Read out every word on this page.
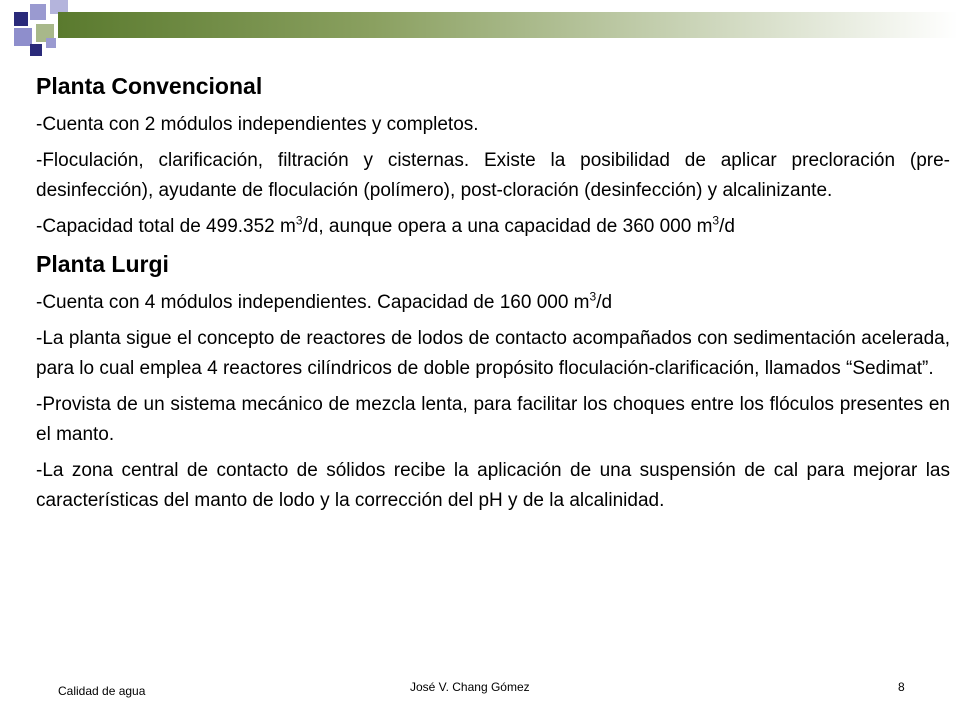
Planta Convencional

-Cuenta con 2 módulos independientes y completos.

-Floculación, clarificación, filtración y cisternas. Existe la posibilidad de aplicar precloración (pre-desinfección), ayudante de floculación (polímero), post-cloración (desinfección) y alcalinizante.

-Capacidad total de 499.352 $m^3/d$, aunque opera a una capacidad de 360 000 $m^3/d$

Planta Lurgi

-Cuenta con 4 módulos independientes. Capacidad de 160 000 $m^3/d$

-La planta sigue el concepto de reactores de lodos de contacto acompañados con sedimentación acelerada, para lo cual emplea 4 reactores cilíndricos de doble propósito floculación-clarificación, llamados “Sedimat”.

-Provista de un sistema mecánico de mezcla lenta, para facilitar los choques entre los flóculos presentes en el manto.

-La zona central de contacto de sólidos recibe la aplicación de una suspensión de cal para mejorar las características del manto de lodo y la corrección del pH y de la alcalinidad.

Calidad de agua	José V. Chang Gómez	8
